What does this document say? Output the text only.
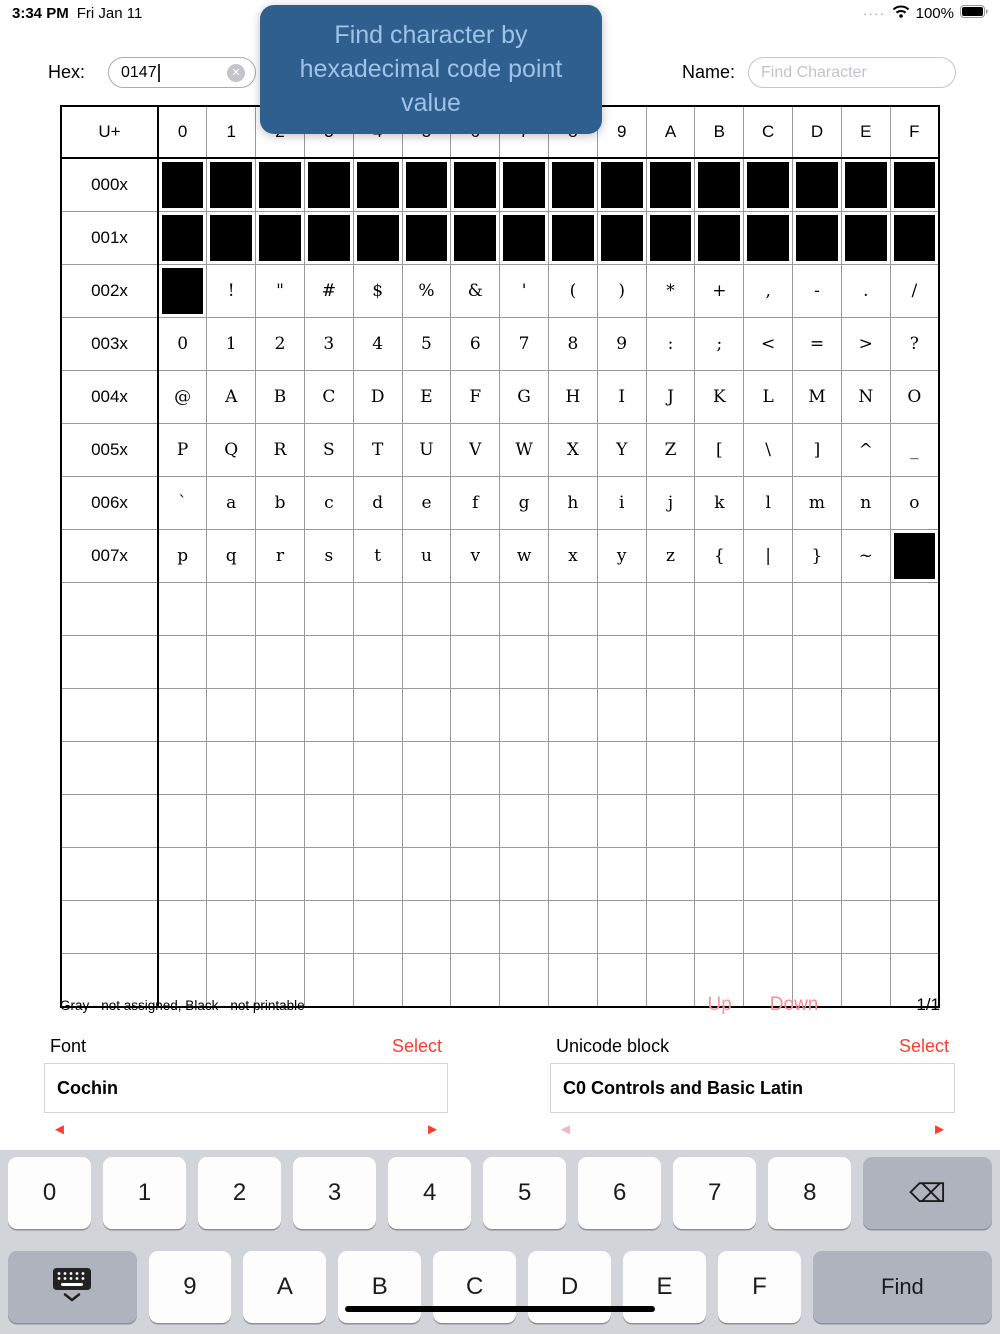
3:34 PM Fri Jan 11	∙∙∙∙ 100%
Hex: 0147	✕	Name: Find Character
Find character by hexadecimal code point value
U+	0	1								9	A	B	C	D	E	F
000x	

001x	

002x		!	"	#	$	%	&	'	(	)	*	+	,	-	.	/
003x	0	1	2	3	4	5	6	7	8	9	:	;	<	=	>	?
004x	@	A	B	C	D	E	F	G	H	I	J	K	L	M	N	O
005x	P	Q	R	S	T	U	V	W	X	Y	Z	[	\	]	^	_
006x	`	a	b	c	d	e	f	g	h	i	j	k	l	m	n	o
007x	p	q	r	s	t	u	v	w	x	y	z	{	|	}	~	

Gray - not assigned, Black - not printable	Up Down	1/1
Font	Select
Cochin
◄	►
Unicode block	Select
C0 Controls and Basic Latin
◄	►
0	1	2	3	4	5	6	7	8	⌫
9	A	B	C	D	E	F	Find
